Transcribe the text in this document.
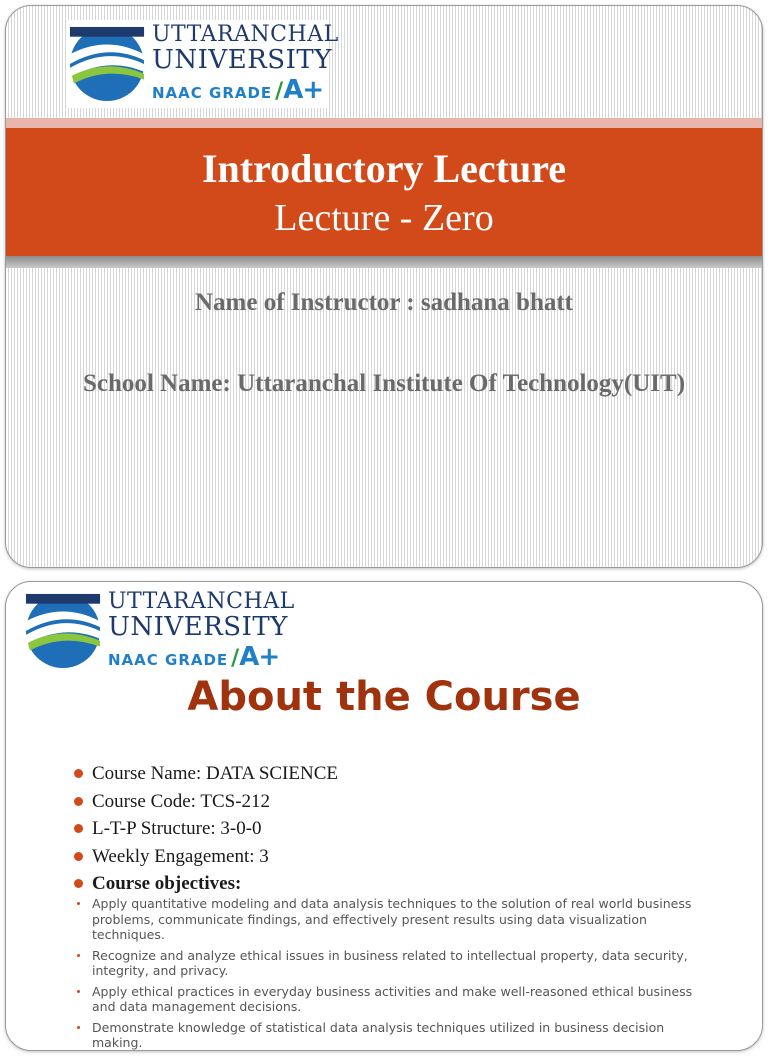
UTTARANCHAL
UNIVERSITY
NAAC GRADE / A+
Introductory Lecture
Lecture - Zero
Name of Instructor : sadhana bhatt
School Name: Uttaranchal Institute Of Technology(UIT)
UTTARANCHAL
UNIVERSITY
NAAC GRADE / A+
About the Course
Course Name: DATA SCIENCE
Course Code: TCS-212
L-T-P Structure: 3-0-0
Weekly Engagement: 3
Course objectives:
Apply quantitative modeling and data analysis techniques to the solution of real world business problems, communicate findings, and effectively present results using data visualization techniques.
Recognize and analyze ethical issues in business related to intellectual property, data security, integrity, and privacy.
Apply ethical practices in everyday business activities and make well-reasoned ethical business and data management decisions.
Demonstrate knowledge of statistical data analysis techniques utilized in business decision making.
